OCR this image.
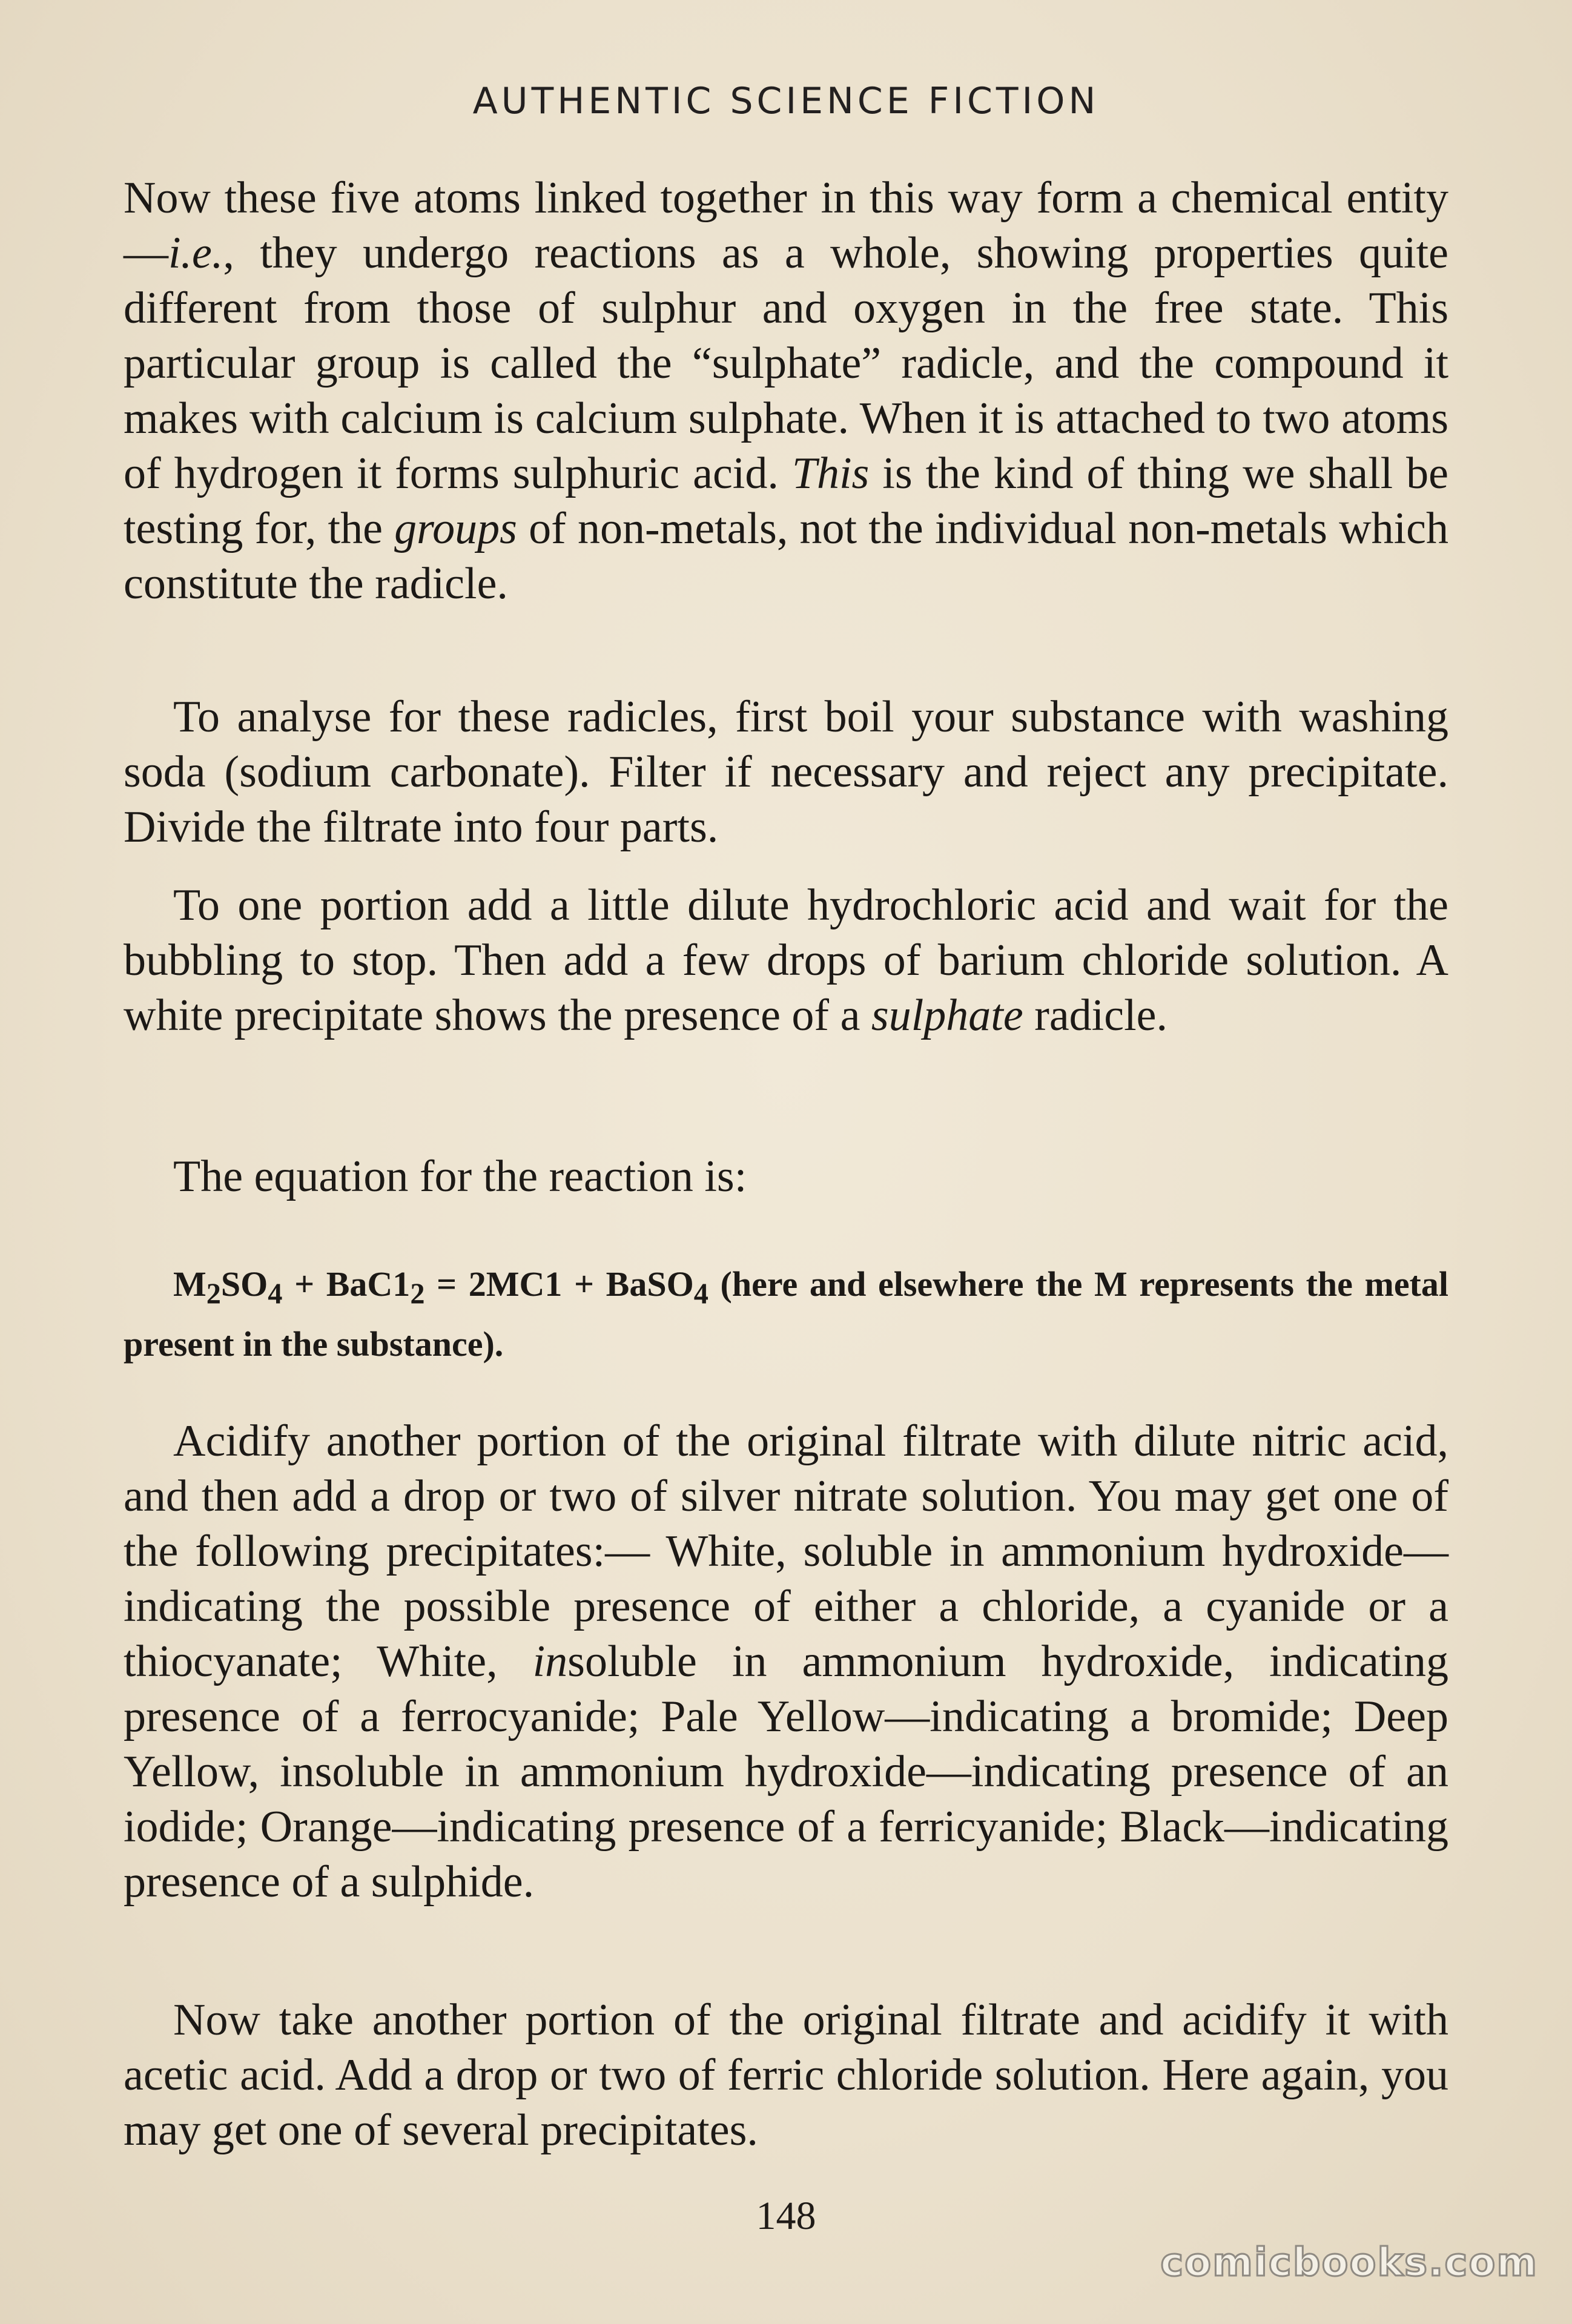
AUTHENTIC SCIENCE FICTION

Now these five atoms linked together in this way form a chemical entity—i.e., they undergo reactions as a whole, showing properties quite different from those of sulphur and oxygen in the free state. This particular group is called the “sulphate” radicle, and the compound it makes with calcium is calcium sulphate. When it is attached to two atoms of hydrogen it forms sulphuric acid. This is the kind of thing we shall be testing for, the groups of non-metals, not the individual non-metals which constitute the radicle.

To analyse for these radicles, first boil your substance with washing soda (sodium carbonate). Filter if necessary and reject any precipitate. Divide the filtrate into four parts.

To one portion add a little dilute hydrochloric acid and wait for the bubbling to stop. Then add a few drops of barium chloride solution. A white precipitate shows the presence of a sulphate radicle.

The equation for the reaction is:

$M_2SO_4 + BaC1_2 = 2MC1$ + BaSO$_4$ (here and elsewhere the M represents the metal present in the substance).

Acidify another portion of the original filtrate with dilute nitric acid, and then add a drop or two of silver nitrate solution. You may get one of the following precipitates:— White, soluble in ammonium hydroxide—indicating the possible presence of either a chloride, a cyanide or a thiocyanate; White, insoluble in ammonium hydroxide, indicating presence of a ferrocyanide; Pale Yellow—indicating a bromide; Deep Yellow, insoluble in ammonium hydroxide—indicating presence of an iodide; Orange—indicating presence of a ferricyanide; Black—indicating presence of a sulphide.

Now take another portion of the original filtrate and acidify it with acetic acid. Add a drop or two of ferric chloride solution. Here again, you may get one of several precipitates.

148
comicbooks.com
